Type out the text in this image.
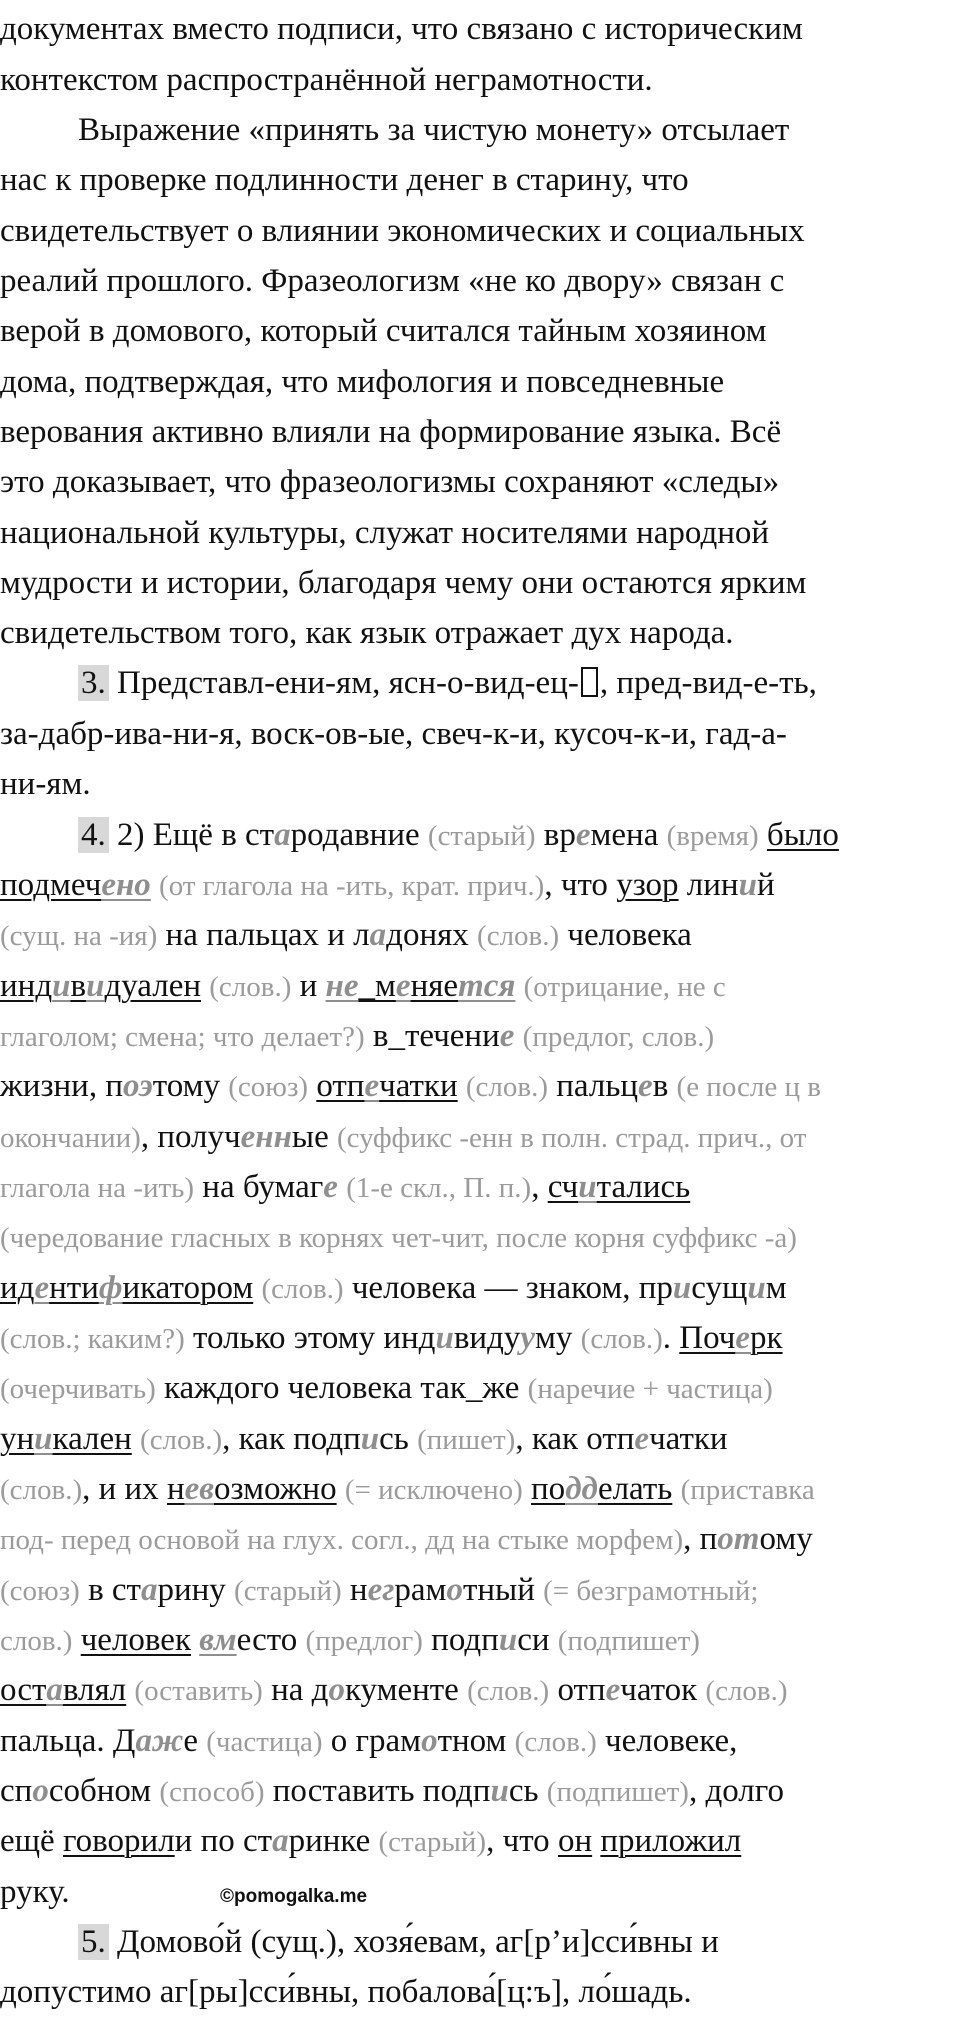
документах вместо подписи, что связано с историческим
контекстом распространённой неграмотности.
Выражение «принять за чистую монету» отсылает
нас к проверке подлинности денег в старину, что
свидетельствует о влиянии экономических и социальных
реалий прошлого. Фразеологизм «не ко двору» связан с
верой в домового, который считался тайным хозяином
дома, подтверждая, что мифология и повседневные
верования активно влияли на формирование языка. Всё
это доказывает, что фразеологизмы сохраняют «следы»
национальной культуры, служат носителями народной
мудрости и истории, благодаря чему они остаются ярким
свидетельством того, как язык отражает дух народа.
3. Представл-ени-ям, ясн-о-вид-ец- , пред-вид-е-ть,
за-дабр-ива-ни-я, воск-ов-ые, свеч-к-и, кусоч-к-и, гад-а-
ни-ям.
4. 2) Ещё в стародавние (старый) времена (время) было
подмечено (от глагола на -ить, крат. прич.), что узор линий
(сущ. на -ия) на пальцах и ладонях (слов.) человека
индивидуален (слов.) и не_меняется (отрицание, не с
глаголом; смена; что делает?) в_течение (предлог, слов.)
жизни, поэтому (союз) отпечатки (слов.) пальцев (е после ц в
окончании), полученные (суффикс -енн в полн. страд. прич., от
глагола на -ить) на бумаге (1-е скл., П. п.), считались
(чередование гласных в корнях чет-чит, после корня суффикс -а)
идентификатором (слов.) человека — знаком, присущим
(слов.; каким?) только этому индивидууму (слов.). Почерк
(очерчивать) каждого человека так_же (наречие + частица)
уникален (слов.), как подпись (пишет), как отпечатки
(слов.), и их невозможно (= исключено) подделать (приставка
под- перед основой на глух. согл., дд на стыке морфем), потому
(союз) в старину (старый) неграмотный (= безграмотный;
слов.) человек вместо (предлог) подписи (подпишет)
оставлял (оставить) на документе (слов.) отпечаток (слов.)
пальца. Даже (частица) о грамотном (слов.) человеке,
способном (способ) поставить подпись (подпишет), долго
ещё говорили по старинке (старый), что он приложил
руку.
5. Домово́й (сущ.), хозя́евам, аг[р’и]сси́вны и
допустимо аг[ры]сси́вны, побалова́[ц:ъ], ло́шадь.
©pomogalka.me
